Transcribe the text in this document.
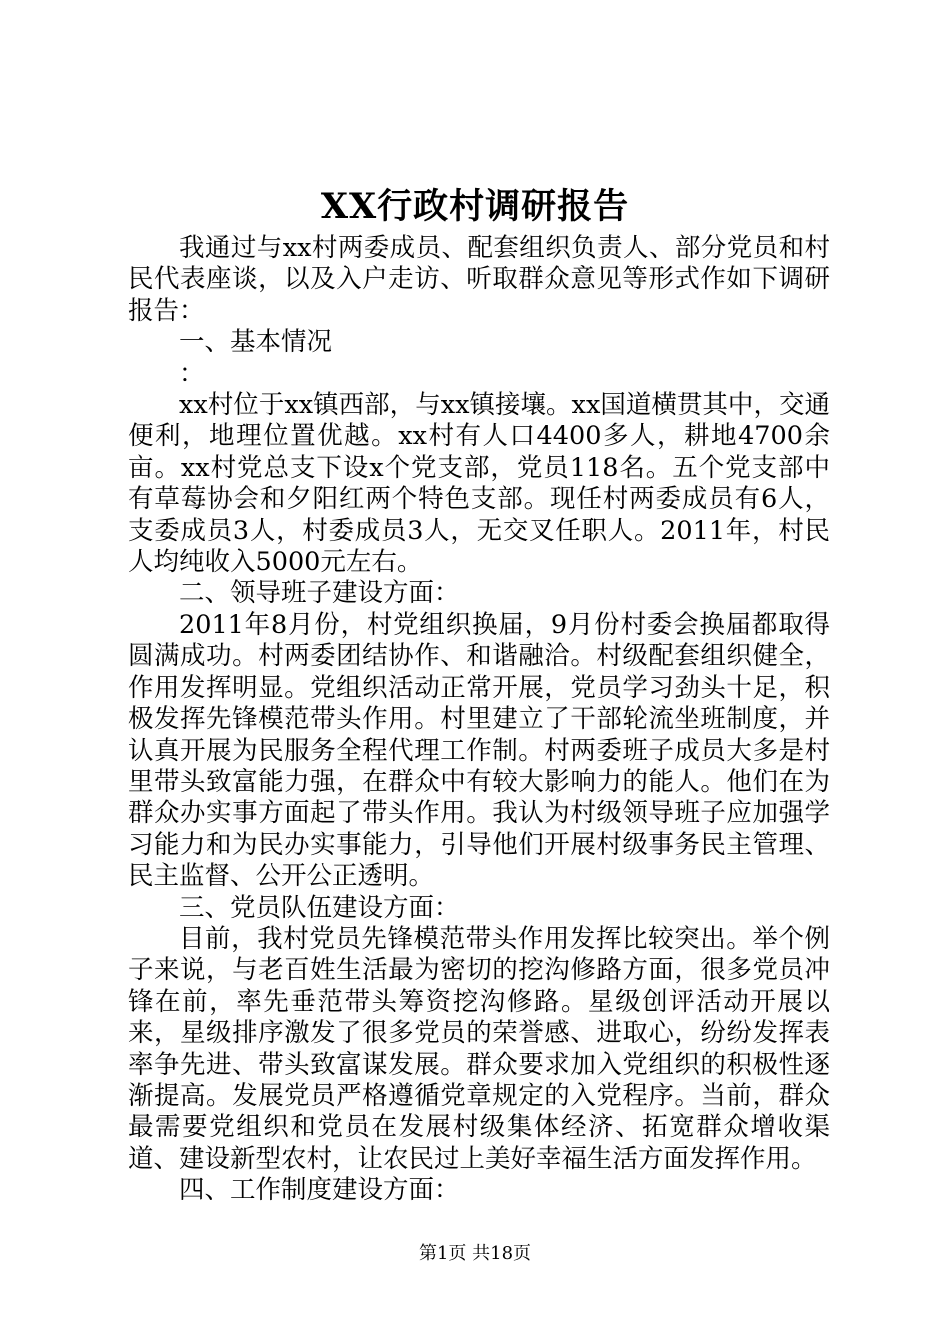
XX行政村调研报告

我通过与xx村两委成员、配套组织负责人、部分党员和村民代表座谈，以及入户走访、听取群众意见等形式作如下调研报告：

一、基本情况

：

xx村位于xx镇西部，与xx镇接壤。xx国道横贯其中，交通便利，地理位置优越。xx村有人口4400多人，耕地4700余亩。xx村党总支下设x个党支部，党员118名。五个党支部中有草莓协会和夕阳红两个特色支部。现任村两委成员有6人，支委成员3人，村委成员3人，无交叉任职人。2011年，村民人均纯收入5000元左右。

二、领导班子建设方面：

2011年8月份，村党组织换届，9月份村委会换届都取得圆满成功。村两委团结协作、和谐融洽。村级配套组织健全，作用发挥明显。党组织活动正常开展，党员学习劲头十足，积极发挥先锋模范带头作用。村里建立了干部轮流坐班制度，并认真开展为民服务全程代理工作制。村两委班子成员大多是村里带头致富能力强，在群众中有较大影响力的能人。他们在为群众办实事方面起了带头作用。我认为村级领导班子应加强学习能力和为民办实事能力，引导他们开展村级事务民主管理、民主监督、公开公正透明。

三、党员队伍建设方面：

目前，我村党员先锋模范带头作用发挥比较突出。举个例子来说，与老百姓生活最为密切的挖沟修路方面，很多党员冲锋在前，率先垂范带头筹资挖沟修路。星级创评活动开展以来，星级排序激发了很多党员的荣誉感、进取心，纷纷发挥表率争先进、带头致富谋发展。群众要求加入党组织的积极性逐渐提高。发展党员严格遵循党章规定的入党程序。当前，群众最需要党组织和党员在发展村级集体经济、拓宽群众增收渠道、建设新型农村，让农民过上美好幸福生活方面发挥作用。

四、工作制度建设方面：

第1页 共18页
